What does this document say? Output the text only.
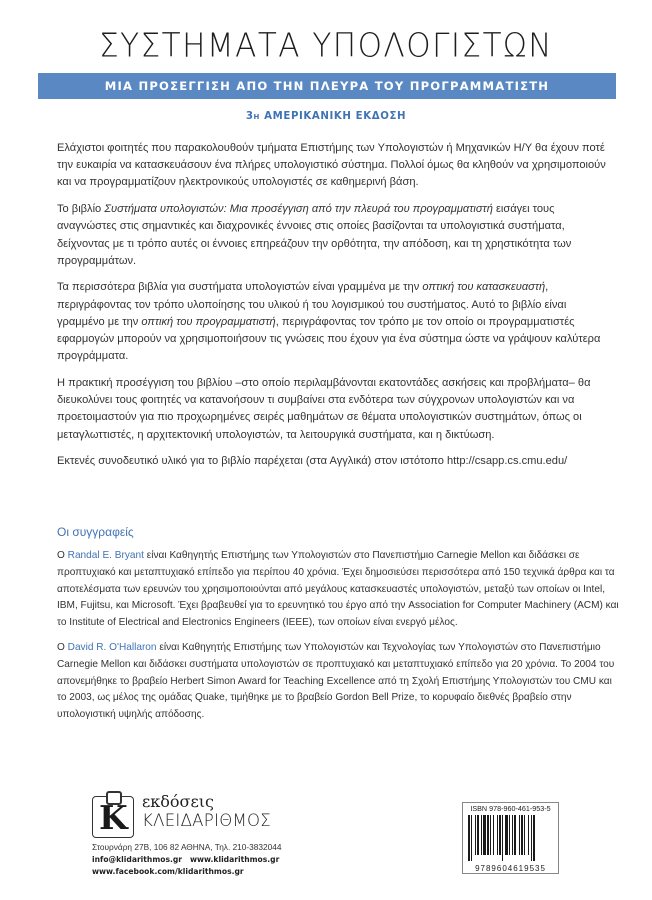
ΣΥΣΤΗΜΑΤΑ ΥΠΟΛΟΓΙΣΤΩΝ
ΜΙΑ ΠΡΟΣΕΓΓΙΣΗ ΑΠΟ ΤΗΝ ΠΛΕΥΡΑ ΤΟΥ ΠΡΟΓΡΑΜΜΑΤΙΣΤΗ
3Η ΑΜΕΡΙΚΑΝΙΚΗ ΕΚΔΟΣΗ

Ελάχιστοι φοιτητές που παρακολουθούν τμήματα Επιστήμης των Υπολογιστών ή Μηχανικών Η/Υ θα έχουν ποτέ την ευκαιρία να κατασκευάσουν ένα πλήρες υπολογιστικό σύστημα. Πολλοί όμως θα κληθούν να χρησιμοποιούν και να προγραμματίζουν ηλεκτρονικούς υπολογιστές σε καθημερινή βάση.

Το βιβλίο Συστήματα υπολογιστών: Μια προσέγγιση από την πλευρά του προγραμματιστή εισάγει τους αναγνώστες στις σημαντικές και διαχρονικές έννοιες στις οποίες βασίζονται τα υπολογιστικά συστήματα, δείχνοντας με τι τρόπο αυτές οι έννοιες επηρεάζουν την ορθότητα, την απόδοση, και τη χρηστικότητα των προγραμμάτων.

Τα περισσότερα βιβλία για συστήματα υπολογιστών είναι γραμμένα με την οπτική του κατασκευαστή, περιγράφοντας τον τρόπο υλοποίησης του υλικού ή του λογισμικού του συστήματος. Αυτό το βιβλίο είναι γραμμένο με την οπτική του προγραμματιστή, περιγράφοντας τον τρόπο με τον οποίο οι προγραμματιστές εφαρμογών μπορούν να χρησιμοποιήσουν τις γνώσεις που έχουν για ένα σύστημα ώστε να γράψουν καλύτερα προγράμματα.

Η πρακτική προσέγγιση του βιβλίου –στο οποίο περιλαμβάνονται εκατοντάδες ασκήσεις και προβλήματα– θα διευκολύνει τους φοιτητές να κατανοήσουν τι συμβαίνει στα ενδότερα των σύγχρονων υπολογιστών και να προετοιμαστούν για πιο προχωρημένες σειρές μαθημάτων σε θέματα υπολογιστικών συστημάτων, όπως οι μεταγλωττιστές, η αρχιτεκτονική υπολογιστών, τα λειτουργικά συστήματα, και η δικτύωση.

Εκτενές συνοδευτικό υλικό για το βιβλίο παρέχεται (στα Αγγλικά) στον ιστότοπο http://csapp.cs.cmu.edu/

Οι συγγραφείς

Ο Randal E. Bryant είναι Καθηγητής Επιστήμης των Υπολογιστών στο Πανεπιστήμιο Carnegie Mellon και διδάσκει σε προπτυχιακό και μεταπτυχιακό επίπεδο για περίπου 40 χρόνια. Έχει δημοσιεύσει περισσότερα από 150 τεχνικά άρθρα και τα αποτελέσματα των ερευνών του χρησιμοποιούνται από μεγάλους κατασκευαστές υπολογιστών, μεταξύ των οποίων οι Intel, IBM, Fujitsu, και Microsoft. Έχει βραβευθεί για το ερευνητικό του έργο από την Association for Computer Machinery (ACM) και το Institute of Electrical and Electronics Engineers (IEEE), των οποίων είναι ενεργό μέλος.

Ο David R. O'Hallaron είναι Καθηγητής Επιστήμης των Υπολογιστών και Τεχνολογίας των Υπολογιστών στο Πανεπιστήμιο Carnegie Mellon και διδάσκει συστήματα υπολογιστών σε προπτυχιακό και μεταπτυχιακό επίπεδο για 20 χρόνια. Το 2004 του απονεμήθηκε το βραβείο Herbert Simon Award for Teaching Excellence από τη Σχολή Επιστήμης Υπολογιστών του CMU και το 2003, ως μέλος της ομάδας Quake, τιμήθηκε με το βραβείο Gordon Bell Prize, το κορυφαίο διεθνές βραβείο στην υπολογιστική υψηλής απόδοσης.

K εκδόσεις
ΚΛΕΙΔΑΡΙΘΜΟΣ
Στουρνάρη 27Β, 106 82 ΑΘΗΝΑ, Τηλ. 210-3832044
info@klidarithmos.gr   www.klidarithmos.gr
www.facebook.com/klidarithmos.gr
ISBN 978-960-461-953-5
9789604619535
